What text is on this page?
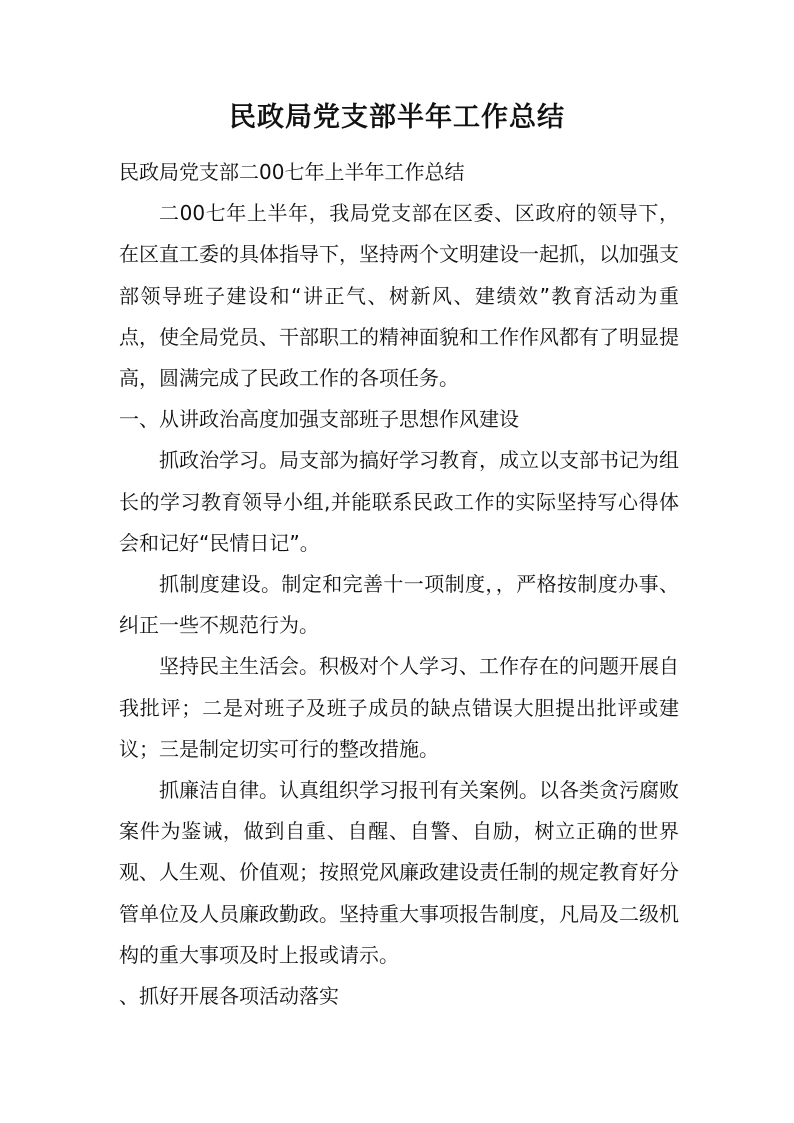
民政局党支部半年工作总结

民政局党支部二00七年上半年工作总结

二00七年上半年，我局党支部在区委、区政府的领导下，在区直工委的具体指导下，坚持两个文明建设一起抓，以加强支部领导班子建设和“讲正气、树新风、建绩效”教育活动为重点，使全局党员、干部职工的精神面貌和工作作风都有了明显提高，圆满完成了民政工作的各项任务。

一、从讲政治高度加强支部班子思想作风建设

抓政治学习。局支部为搞好学习教育，成立以支部书记为组长的学习教育领导小组,并能联系民政工作的实际坚持写心得体会和记好“民情日记”。

抓制度建设。制定和完善十一项制度，，严格按制度办事、纠正一些不规范行为。

坚持民主生活会。积极对个人学习、工作存在的问题开展自我批评；二是对班子及班子成员的缺点错误大胆提出批评或建议；三是制定切实可行的整改措施。

抓廉洁自律。认真组织学习报刊有关案例。以各类贪污腐败案件为鉴诫，做到自重、自醒、自警、自励，树立正确的世界观、人生观、价值观；按照党风廉政建设责任制的规定教育好分管单位及人员廉政勤政。坚持重大事项报告制度，凡局及二级机构的重大事项及时上报或请示。

、抓好开展各项活动落实
